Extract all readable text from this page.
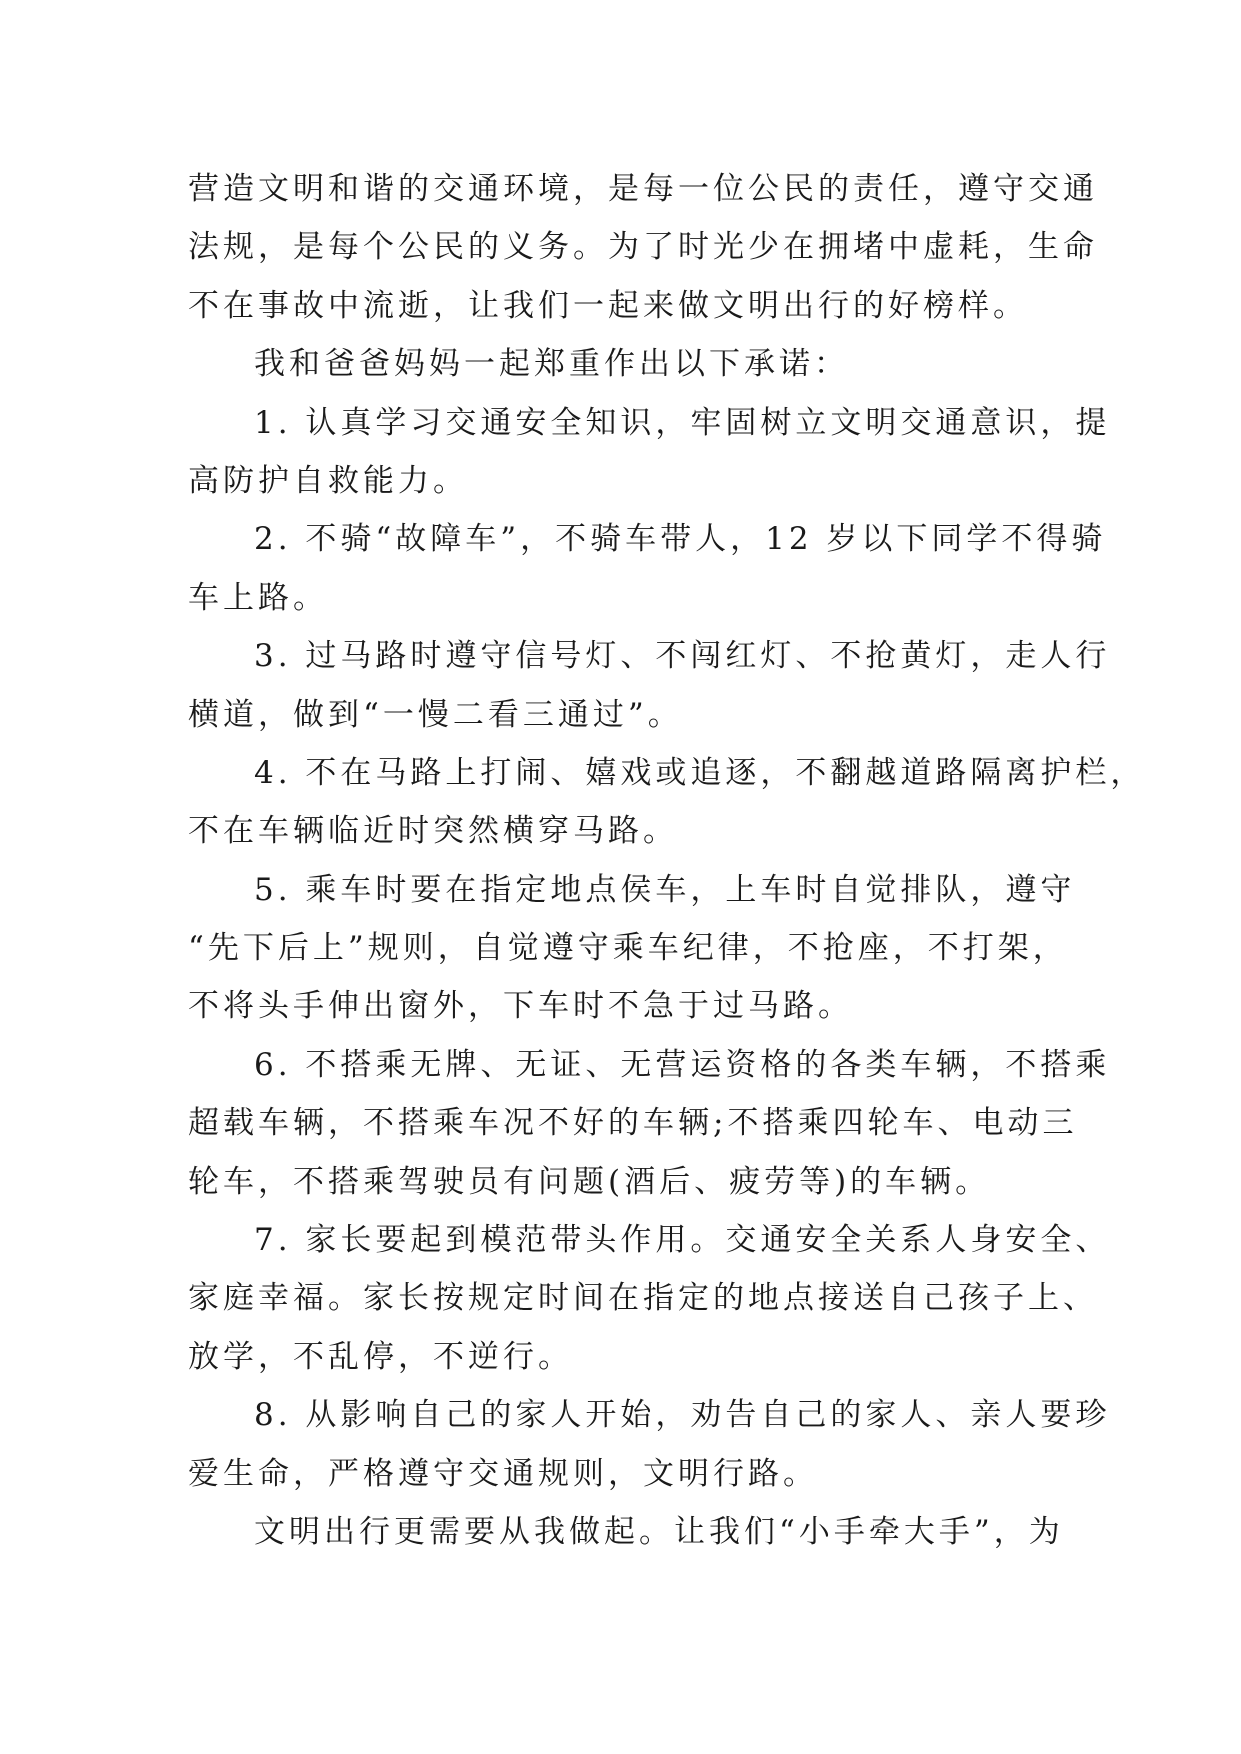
营造文明和谐的交通环境，是每一位公民的责任，遵守交通
法规，是每个公民的义务。为了时光少在拥堵中虚耗，生命
不在事故中流逝，让我们一起来做文明出行的好榜样。
我和爸爸妈妈一起郑重作出以下承诺：
1. 认真学习交通安全知识，牢固树立文明交通意识，提
高防护自救能力。
2. 不骑“故障车”，不骑车带人，12 岁以下同学不得骑
车上路。
3. 过马路时遵守信号灯、不闯红灯、不抢黄灯，走人行
横道，做到“一慢二看三通过”。
4. 不在马路上打闹、嬉戏或追逐，不翻越道路隔离护栏，
不在车辆临近时突然横穿马路。
5. 乘车时要在指定地点侯车，上车时自觉排队，遵守
“先下后上”规则，自觉遵守乘车纪律，不抢座，不打架，
不将头手伸出窗外，下车时不急于过马路。
6. 不搭乘无牌、无证、无营运资格的各类车辆，不搭乘
超载车辆，不搭乘车况不好的车辆;不搭乘四轮车、电动三
轮车，不搭乘驾驶员有问题(酒后、疲劳等)的车辆。
7. 家长要起到模范带头作用。交通安全关系人身安全、
家庭幸福。家长按规定时间在指定的地点接送自己孩子上、
放学，不乱停，不逆行。
8. 从影响自己的家人开始，劝告自己的家人、亲人要珍
爱生命，严格遵守交通规则，文明行路。
文明出行更需要从我做起。让我们“小手牵大手”，为
